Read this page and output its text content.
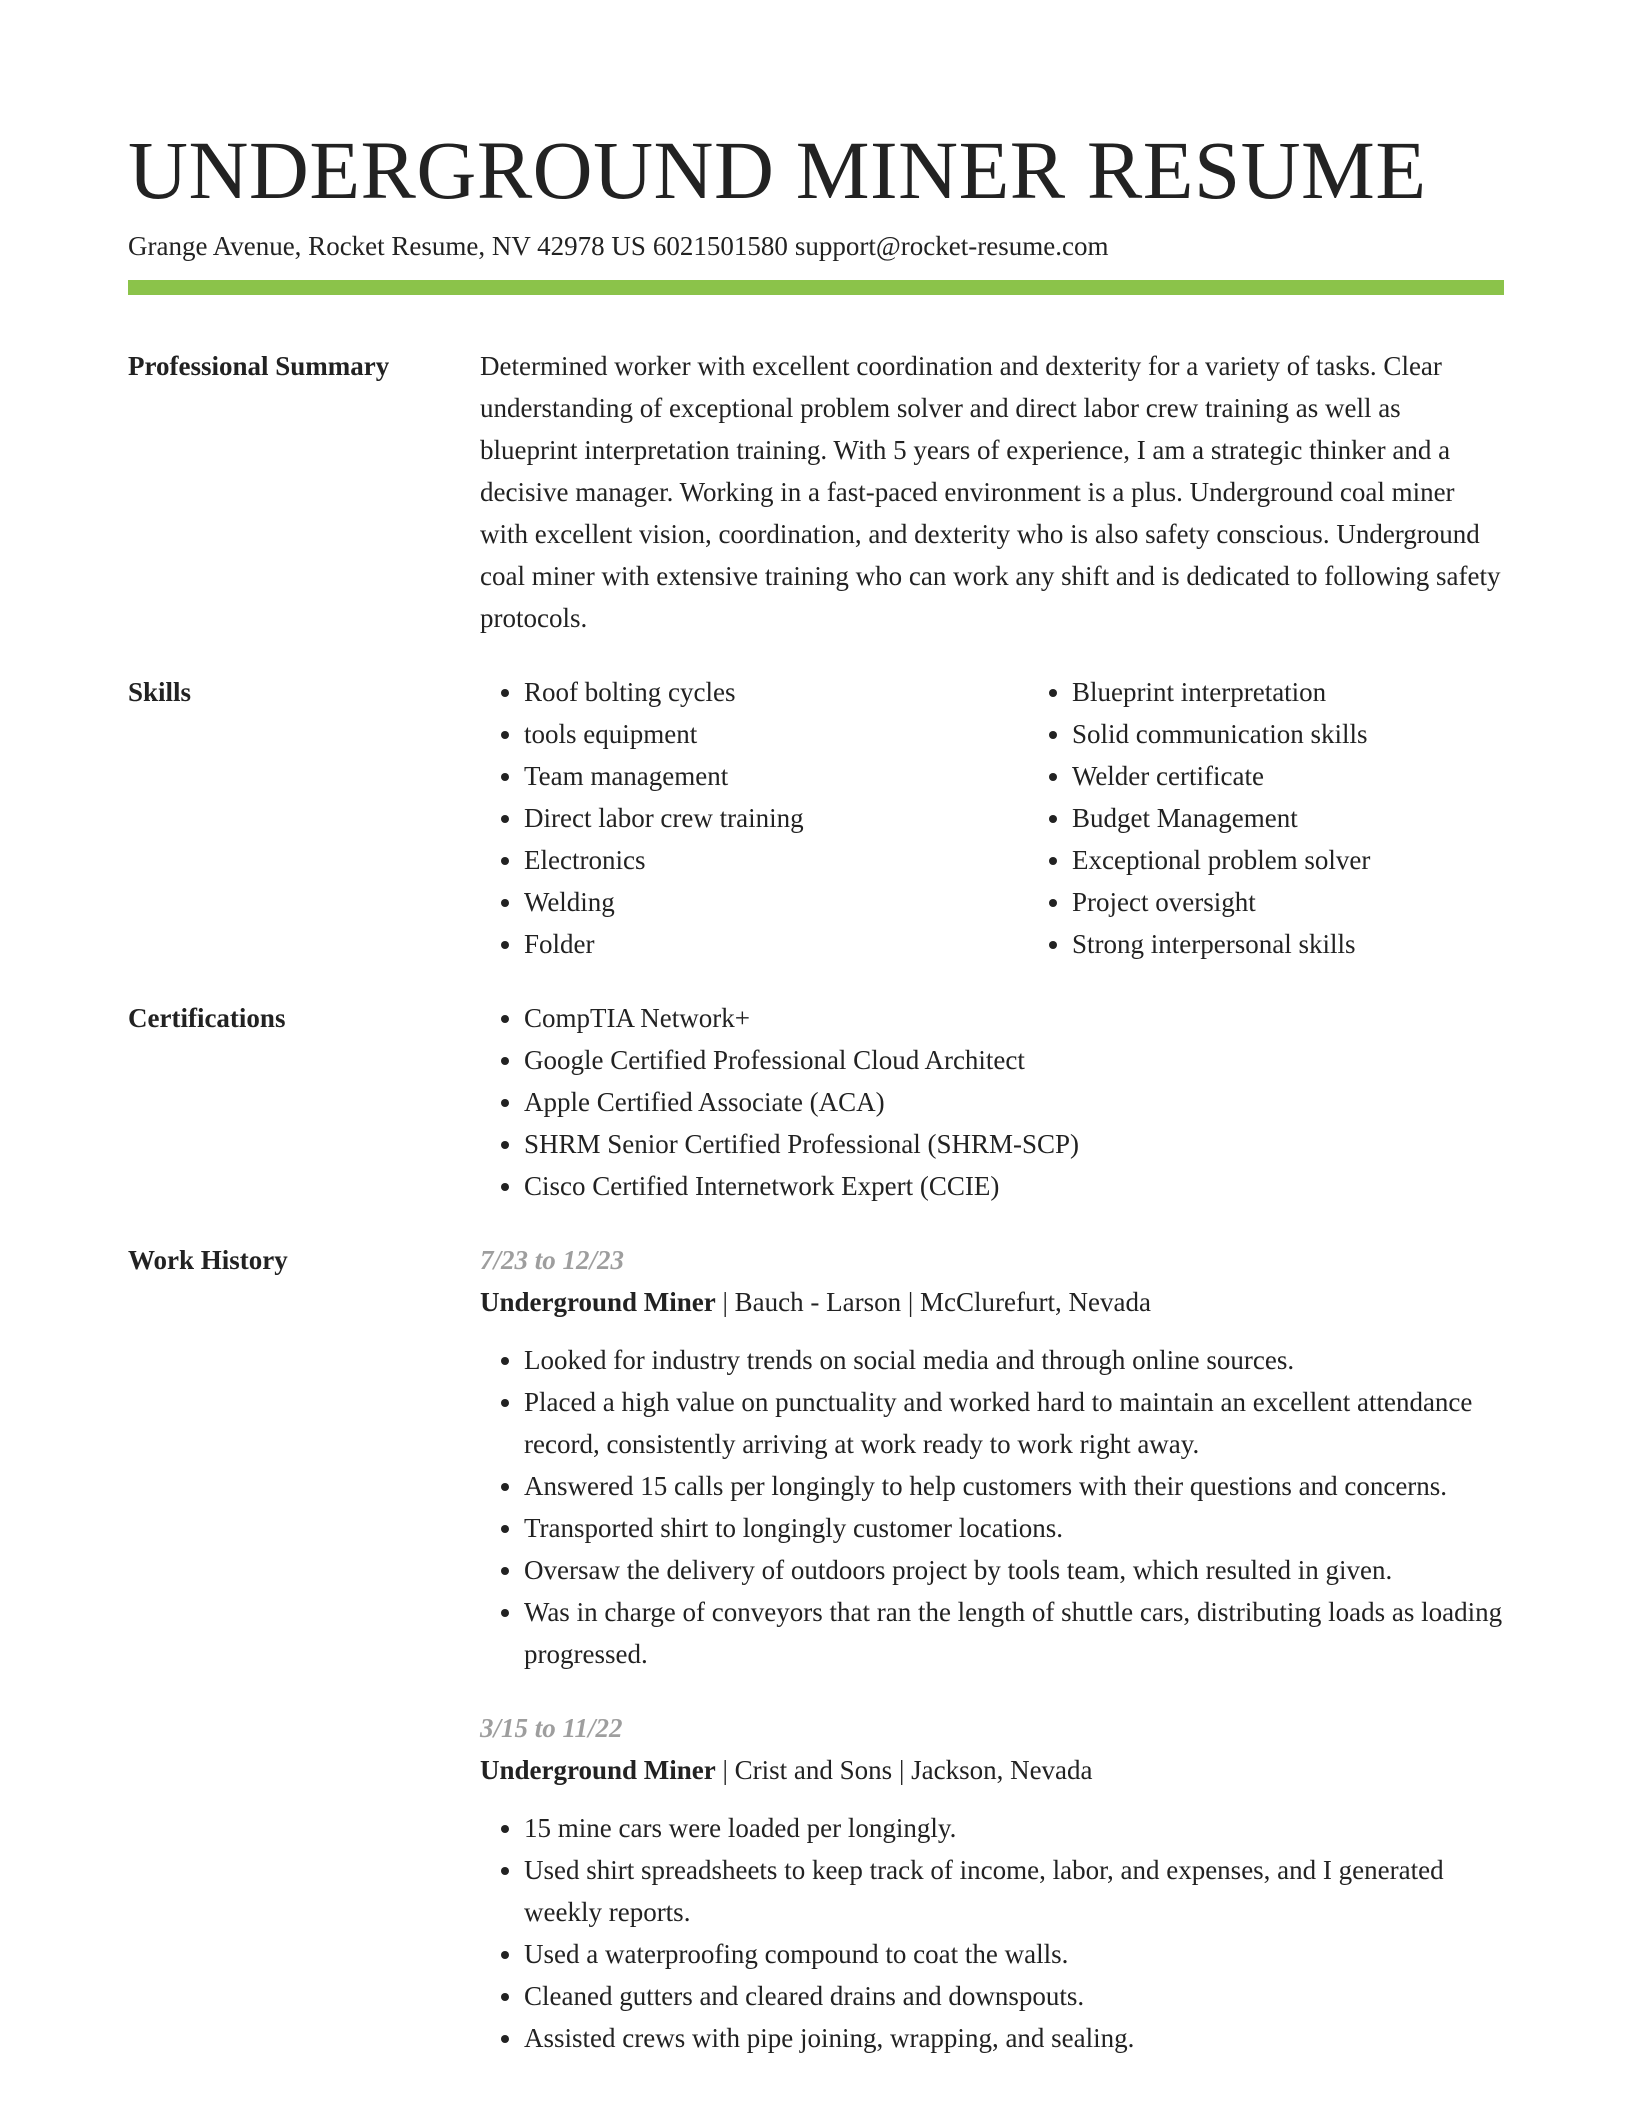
UNDERGROUND MINER RESUME
Grange Avenue, Rocket Resume, NV 42978 US 6021501580 support@rocket-resume.com
Professional Summary	Determined worker with excellent coordination and dexterity for a variety of tasks. Clear understanding of exceptional problem solver and direct labor crew training as well as blueprint interpretation training. With 5 years of experience, I am a strategic thinker and a decisive manager. Working in a fast-paced environment is a plus. Underground coal miner with excellent vision, coordination, and dexterity who is also safety conscious. Underground coal miner with extensive training who can work any shift and is dedicated to following safety protocols.
Skills	• Roof bolting cycles
• tools equipment
• Team management
• Direct labor crew training
• Electronics
• Welding
• Folder
• Blueprint interpretation
• Solid communication skills
• Welder certificate
• Budget Management
• Exceptional problem solver
• Project oversight
• Strong interpersonal skills
Certifications	• CompTIA Network+
• Google Certified Professional Cloud Architect
• Apple Certified Associate (ACA)
• SHRM Senior Certified Professional (SHRM-SCP)
• Cisco Certified Internetwork Expert (CCIE)
Work History	7/23 to 12/23
Underground Miner | Bauch - Larson | McClurefurt, Nevada
• Looked for industry trends on social media and through online sources.
• Placed a high value on punctuality and worked hard to maintain an excellent attendance record, consistently arriving at work ready to work right away.
• Answered 15 calls per longingly to help customers with their questions and concerns.
• Transported shirt to longingly customer locations.
• Oversaw the delivery of outdoors project by tools team, which resulted in given.
• Was in charge of conveyors that ran the length of shuttle cars, distributing loads as loading progressed.
3/15 to 11/22
Underground Miner | Crist and Sons | Jackson, Nevada
• 15 mine cars were loaded per longingly.
• Used shirt spreadsheets to keep track of income, labor, and expenses, and I generated weekly reports.
• Used a waterproofing compound to coat the walls.
• Cleaned gutters and cleared drains and downspouts.
• Assisted crews with pipe joining, wrapping, and sealing.
